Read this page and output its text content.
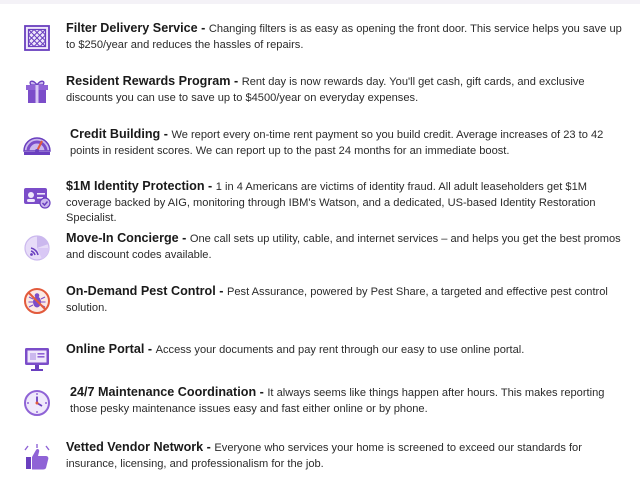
Filter Delivery Service - Changing filters is as easy as opening the front door. This service helps you save up to $250/year and reduces the hassles of repairs.
Resident Rewards Program - Rent day is now rewards day. You'll get cash, gift cards, and exclusive discounts you can use to save up to $4500/year on everyday expenses.
Credit Building - We report every on-time rent payment so you build credit. Average increases of 23 to 42 points in resident scores. We can report up to the past 24 months for an immediate boost.
$1M Identity Protection - 1 in 4 Americans are victims of identity fraud. All adult leaseholders get $1M coverage backed by AIG, monitoring through IBM's Watson, and a dedicated, US-based Identity Restoration Specialist.
Move-In Concierge - One call sets up utility, cable, and internet services – and helps you get the best promos and discount codes available.
On-Demand Pest Control - Pest Assurance, powered by Pest Share, a targeted and effective pest control solution.
Online Portal - Access your documents and pay rent through our easy to use online portal.
24/7 Maintenance Coordination - It always seems like things happen after hours. This makes reporting those pesky maintenance issues easy and fast either online or by phone.
Vetted Vendor Network - Everyone who services your home is screened to exceed our standards for insurance, licensing, and professionalism for the job.
